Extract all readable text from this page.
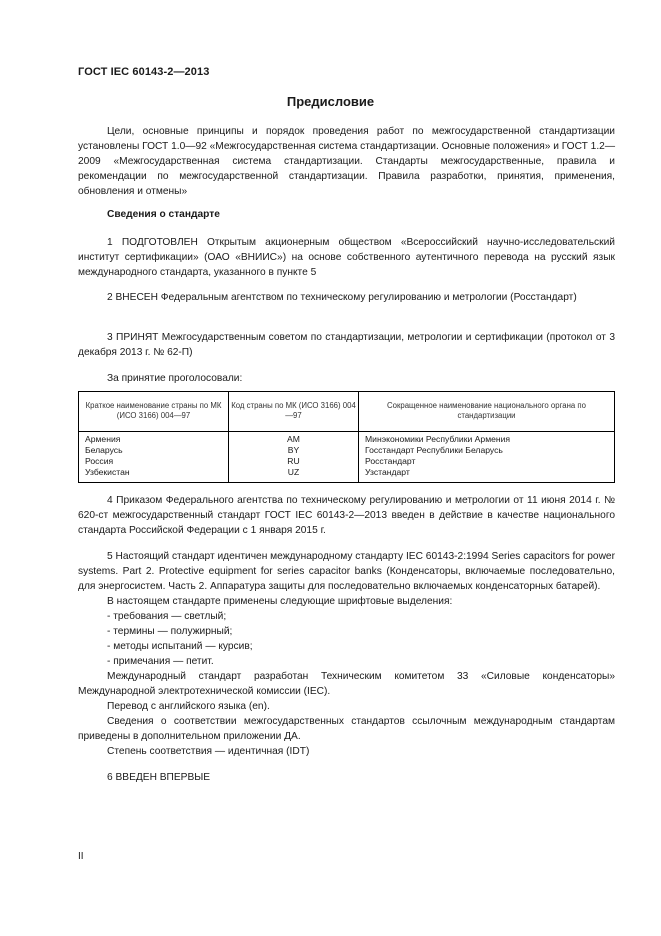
ГОСТ IEC 60143-2—2013
Предисловие
Цели, основные принципы и порядок проведения работ по межгосударственной стандартизации установлены ГОСТ 1.0—92 «Межгосударственная система стандартизации. Основные положения» и ГОСТ 1.2—2009 «Межгосударственная система стандартизации. Стандарты межгосударственные, правила и рекомендации по межгосударственной стандартизации. Правила разработки, принятия, применения, обновления и отмены»
Сведения о стандарте
1 ПОДГОТОВЛЕН Открытым акционерным обществом «Всероссийский научно-исследовательский институт сертификации» (ОАО «ВНИИС») на основе собственного аутентичного перевода на русский язык международного стандарта, указанного в пункте 5
2 ВНЕСЕН Федеральным агентством по техническому регулированию и метрологии (Росстандарт)
3 ПРИНЯТ Межгосударственным советом по стандартизации, метрологии и сертификации (протокол от 3 декабря 2013 г. № 62-П)
За принятие проголосовали:
Краткое наименование страны по МК (ИСО 3166) 004—97	Код страны по МК (ИСО 3166) 004—97	Сокращенное наименование национального органа по стандартизации
Армения	AM	Минэкономики Республики Армения
Беларусь	BY	Госстандарт Республики Беларусь
Россия	RU	Росстандарт
Узбекистан	UZ	Узстандарт
4 Приказом Федерального агентства по техническому регулированию и метрологии от 11 июня 2014 г. № 620-ст межгосударственный стандарт ГОСТ IEC 60143-2—2013 введен в действие в качестве национального стандарта Российской Федерации с 1 января 2015 г.

5 Настоящий стандарт идентичен международному стандарту IEC 60143-2:1994 Series capacitors for power systems. Part 2. Protective equipment for series capacitor banks (Конденсаторы, включаемые последовательно, для энергосистем. Часть 2. Аппаратура защиты для последовательно включаемых конденсаторных батарей).

В настоящем стандарте применены следующие шрифтовые выделения:

- требования — светлый;

- термины — полужирный;

- методы испытаний — курсив;

- примечания — петит.

Международный стандарт разработан Техническим комитетом 33 «Силовые конденсаторы» Международной электротехнической комиссии (IEC).

Перевод с английского языка (en).

Сведения о соответствии межгосударственных стандартов ссылочным международным стандартам приведены в дополнительном приложении ДА.

Степень соответствия — идентичная (IDT)

6 ВВЕДЕН ВПЕРВЫЕ
II
